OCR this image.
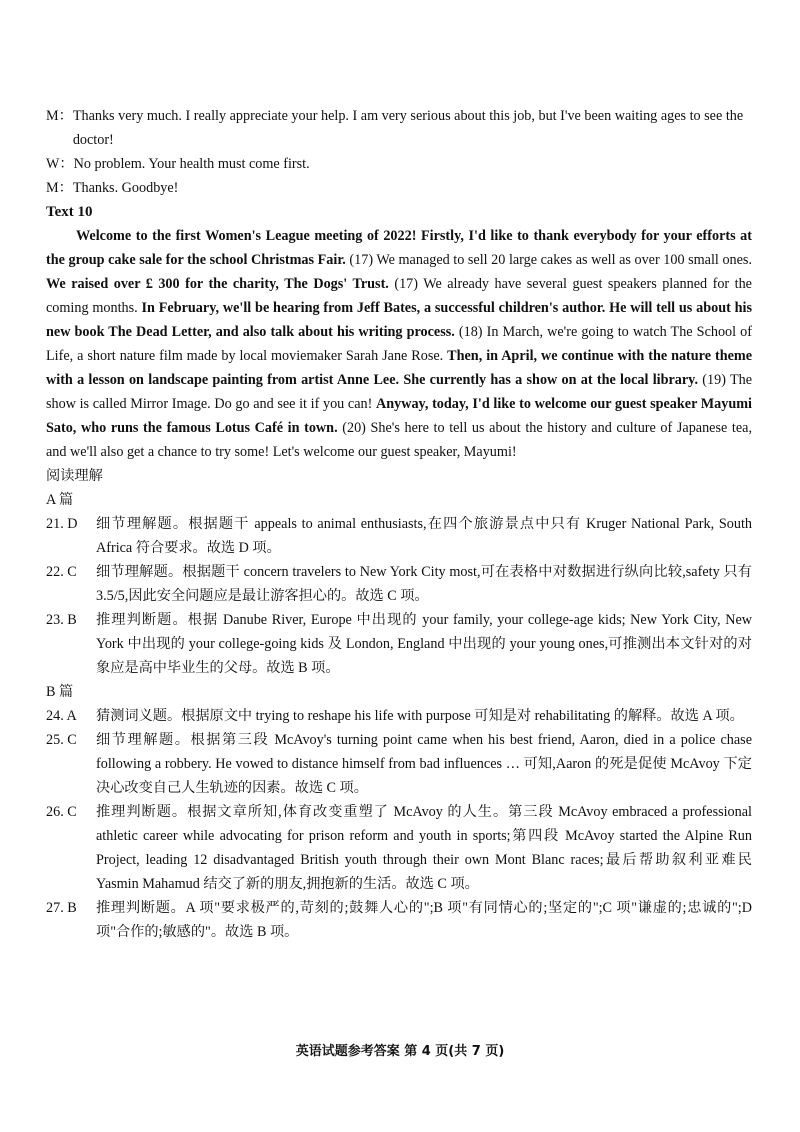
M： Thanks very much. I really appreciate your help. I am very serious about this job, but I've been waiting ages to see the doctor!
W： No problem. Your health must come first.
M： Thanks. Goodbye!

Text 10

Welcome to the first Women's League meeting of 2022! Firstly, I'd like to thank everybody for your efforts at the group cake sale for the school Christmas Fair. (17) We managed to sell 20 large cakes as well as over 100 small ones. We raised over £ 300 for the charity, The Dogs' Trust. (17) We already have several guest speakers planned for the coming months. In February, we'll be hearing from Jeff Bates, a successful children's author. He will tell us about his new book The Dead Letter, and also talk about his writing process. (18) In March, we're going to watch The School of Life, a short nature film made by local moviemaker Sarah Jane Rose. Then, in April, we continue with the nature theme with a lesson on landscape painting from artist Anne Lee. She currently has a show on at the local library. (19) The show is called Mirror Image. Do go and see it if you can! Anyway, today, I'd like to welcome our guest speaker Mayumi Sato, who runs the famous Lotus Café in town. (20) She's here to tell us about the history and culture of Japanese tea, and we'll also get a chance to try some! Let's welcome our guest speaker, Mayumi!

阅读理解

A 篇

21. D	细节理解题。根据题干 appeals to animal enthusiasts,在四个旅游景点中只有 Kruger National Park, South Africa 符合要求。故选 D 项。
22. C	细节理解题。根据题干 concern travelers to New York City most,可在表格中对数据进行纵向比较,safety 只有 3.5/5,因此安全问题应是最让游客担心的。故选 C 项。
23. B	推理判断题。根据 Danube River, Europe 中出现的 your family, your college-age kids; New York City, New York 中出现的 your college-going kids 及 London, England 中出现的 your young ones,可推测出本文针对的对象应是高中毕业生的父母。故选 B 项。

B 篇

24. A	猜测词义题。根据原文中 trying to reshape his life with purpose 可知是对 rehabilitating 的解释。故选 A 项。
25. C	细节理解题。根据第三段 McAvoy's turning point came when his best friend, Aaron, died in a police chase following a robbery. He vowed to distance himself from bad influences … 可知,Aaron 的死是促使 McAvoy 下定决心改变自己人生轨迹的因素。故选 C 项。
26. C	推理判断题。根据文章所知,体育改变重塑了 McAvoy 的人生。第三段 McAvoy embraced a professional athletic career while advocating for prison reform and youth in sports;第四段 McAvoy started the Alpine Run Project, leading 12 disadvantaged British youth through their own Mont Blanc races;最后帮助叙利亚难民 Yasmin Mahamud 结交了新的朋友,拥抱新的生活。故选 C 项。
27. B	推理判断题。A 项"要求极严的,苛刻的;鼓舞人心的";B 项"有同情心的;坚定的";C 项"谦虚的;忠诚的";D 项"合作的;敏感的"。故选 B 项。
英语试题参考答案 第 4 页(共 7 页)
